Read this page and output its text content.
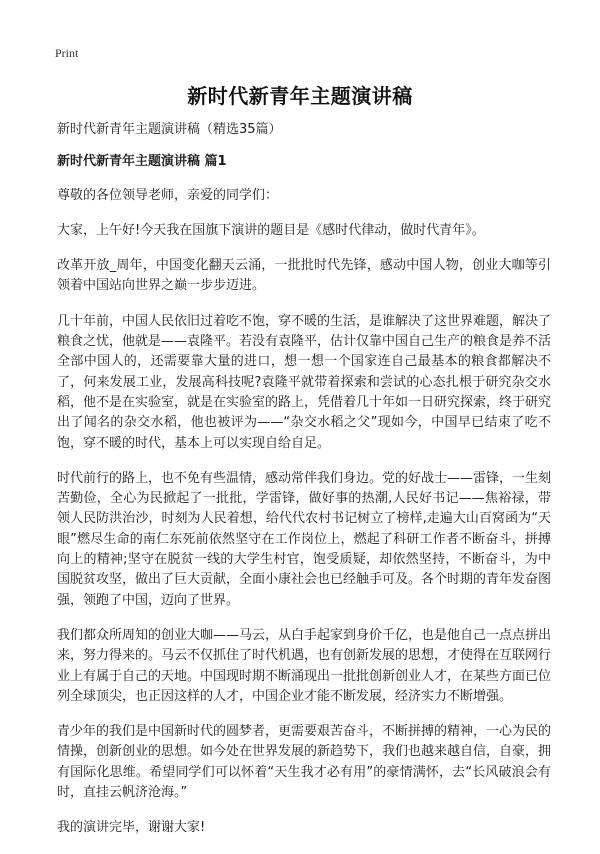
Print
新时代新青年主题演讲稿

新时代新青年主题演讲稿（精选35篇）

新时代新青年主题演讲稿 篇1

尊敬的各位领导老师，亲爱的同学们：

大家，上午好!今天我在国旗下演讲的题目是《感时代律动，做时代青年》。

改革开放_周年，中国变化翻天云涌，一批批时代先锋，感动中国人物，创业大咖等引领着中国站向世界之巅一步步迈进。

几十年前，中国人民依旧过着吃不饱，穿不暖的生活，是谁解决了这世界难题，解决了粮食之忧，他就是——袁隆平。若没有袁隆平，估计仅靠中国自己生产的粮食是养不活全部中国人的，还需要靠大量的进口，想一想一个国家连自己最基本的粮食都解决不了，何来发展工业，发展高科技呢?袁隆平就带着探索和尝试的心态扎根于研究杂交水稻，他不是在实验室，就是在实验室的路上，凭借着几十年如一日研究探索，终于研究出了闻名的杂交水稻，他也被评为——“杂交水稻之父”现如今，中国早已结束了吃不饱，穿不暖的时代，基本上可以实现自给自足。

时代前行的路上，也不免有些温情，感动常伴我们身边。党的好战士——雷锋，一生刻苦勤俭，全心为民掀起了一批批，学雷锋，做好事的热潮,人民好书记——焦裕禄，带领人民防洪治沙，时刻为人民着想，给代代农村书记树立了榜样,走遍大山百窝函为“天眼”燃尽生命的南仁东死前依然坚守在工作岗位上，燃起了科研工作者不断奋斗，拼搏向上的精神;坚守在脱贫一线的大学生村官，饱受质疑，却依然坚持，不断奋斗，为中国脱贫攻坚，做出了巨大贡献，全面小康社会也已经触手可及。各个时期的青年发奋图强，领跑了中国，迈向了世界。

我们都众所周知的创业大咖——马云，从白手起家到身价千亿，也是他自己一点点拼出来，努力得来的。马云不仅抓住了时代机遇，也有创新发展的思想，才使得在互联网行业上有属于自己的天地。中国现时期不断涌现出一批批创新创业人才，在某些方面已位列全球顶尖，也正因这样的人才，中国企业才能不断发展，经济实力不断增强。

青少年的我们是中国新时代的圆梦者，更需要艰苦奋斗，不断拼搏的精神，一心为民的情操，创新创业的思想。如今处在世界发展的新趋势下，我们也越来越自信，自豪，拥有国际化思维。希望同学们可以怀着“天生我才必有用”的豪情满怀，去“长风破浪会有时，直挂云帆济沧海。”

我的演讲完毕，谢谢大家!
